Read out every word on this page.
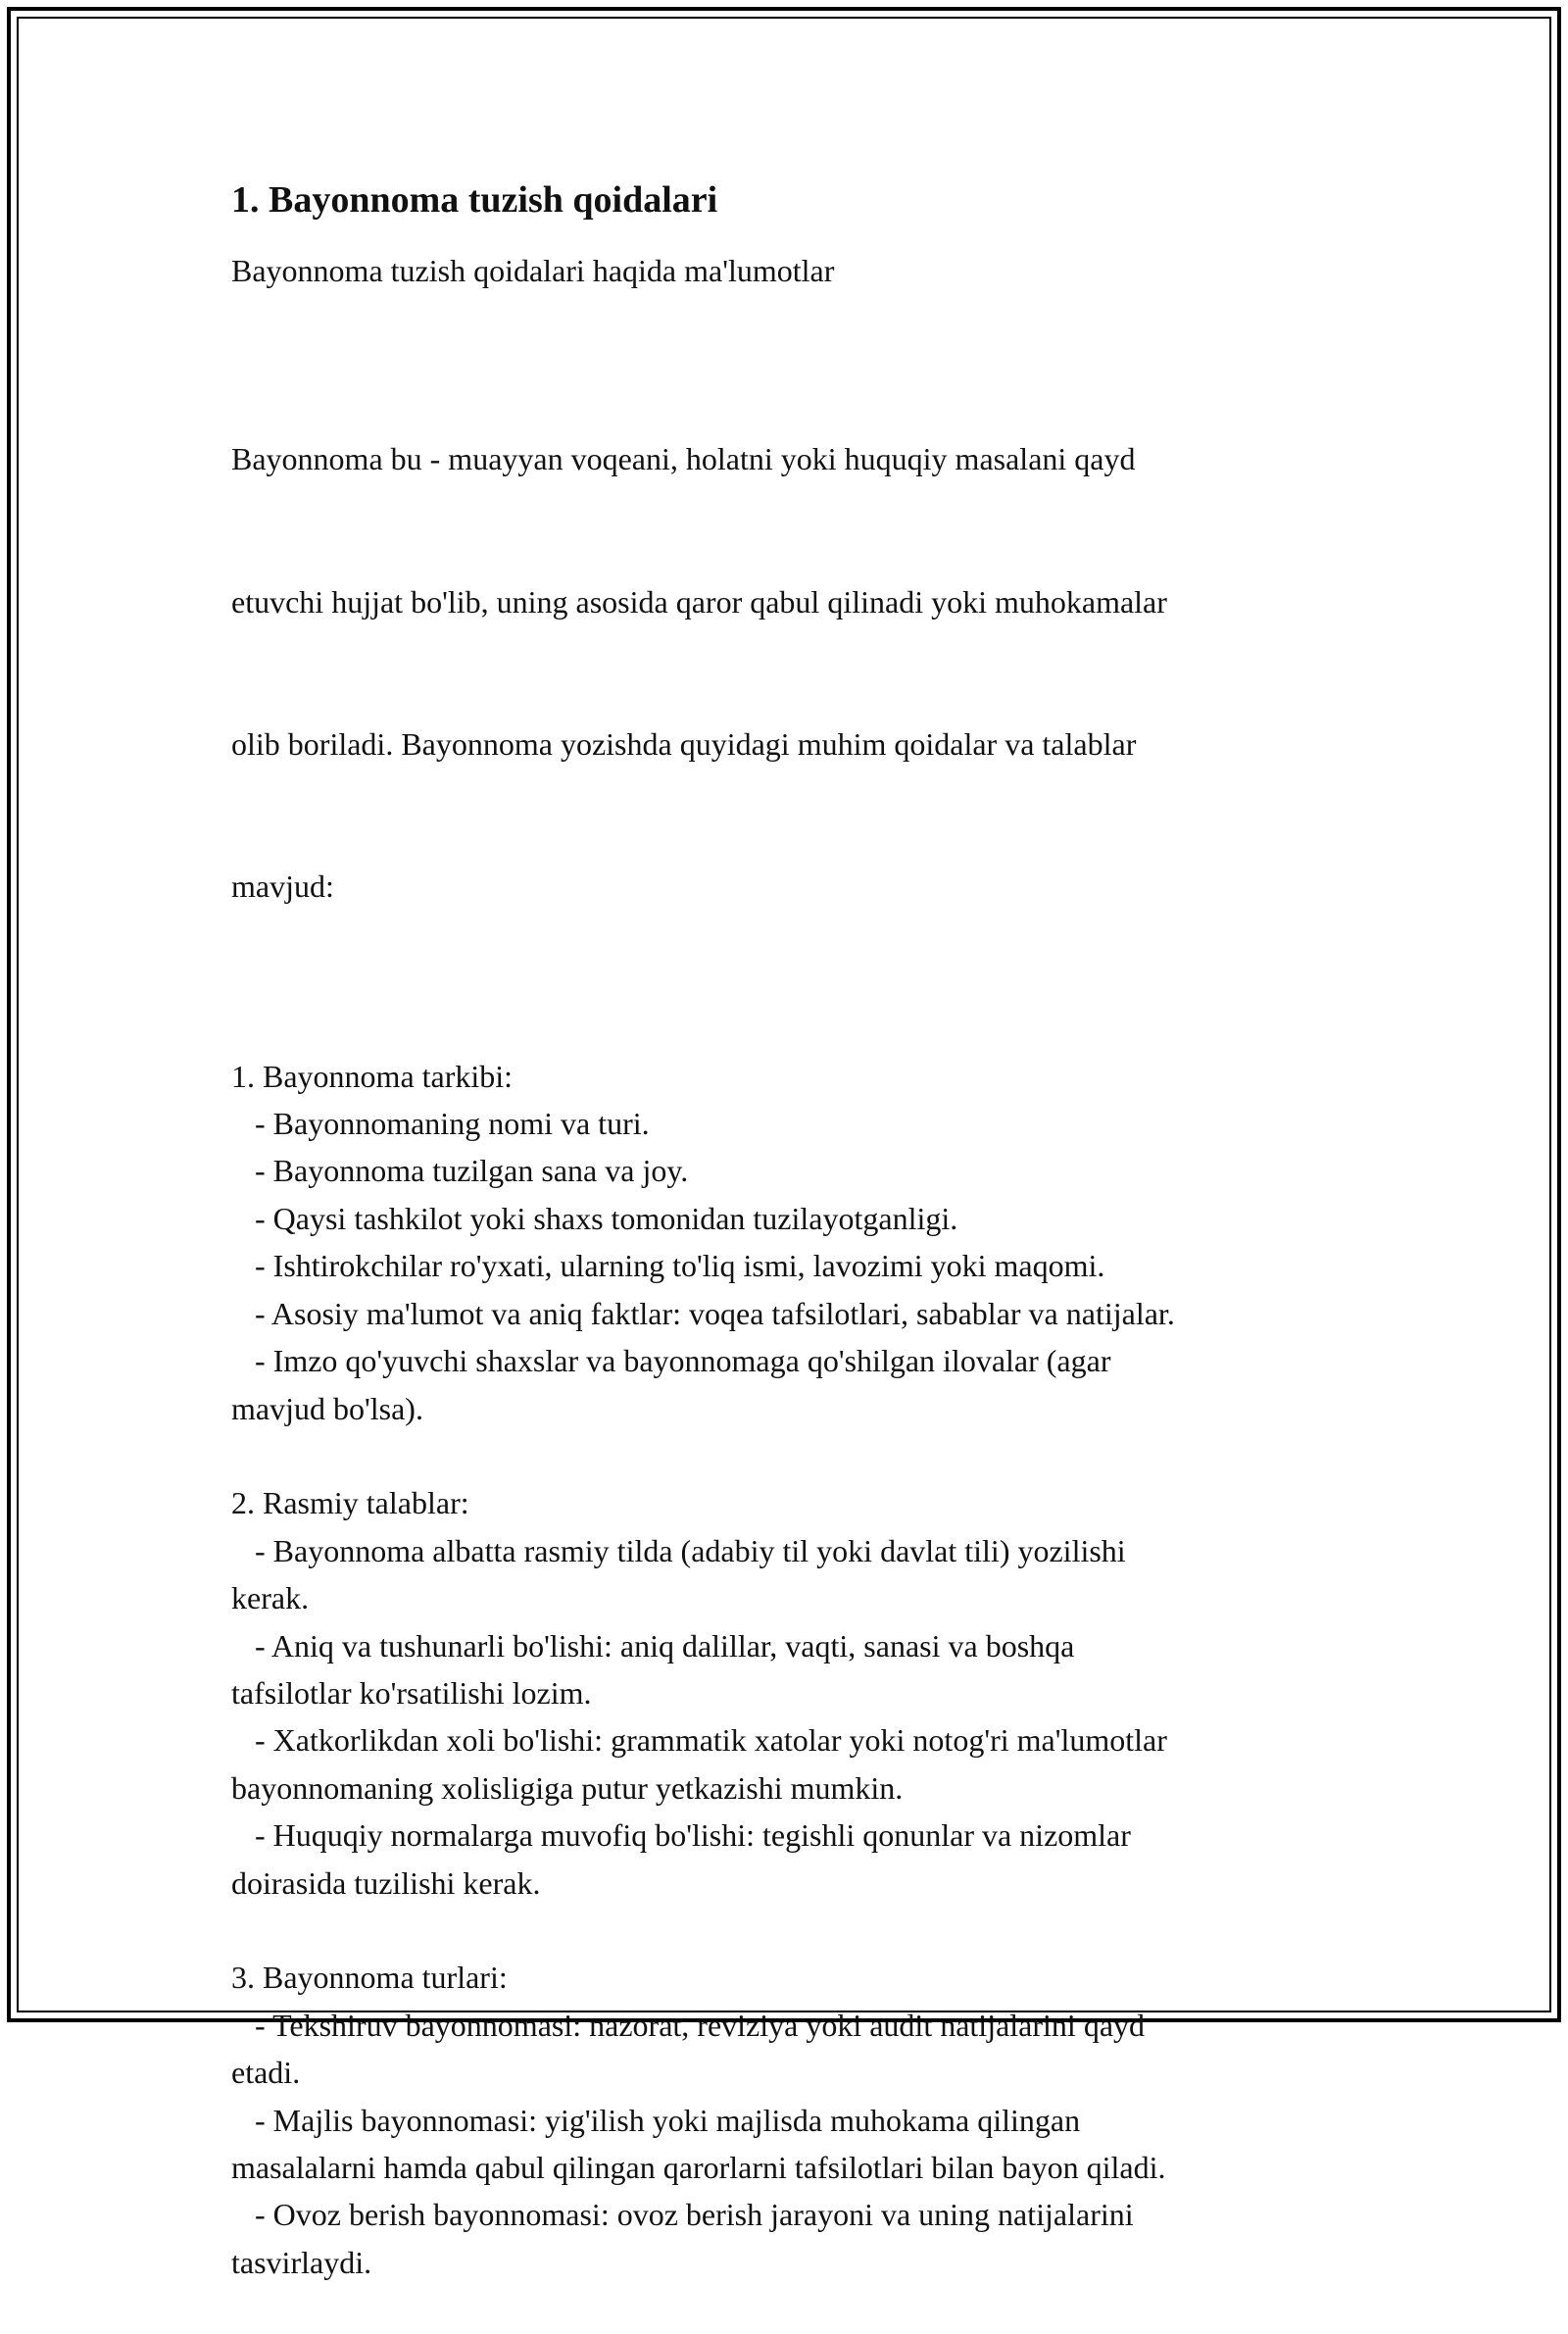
1. Bayonnoma tuzish qoidalari
Bayonnoma tuzish qoidalari haqida ma'lumotlar

Bayonnoma bu - muayyan voqeani, holatni yoki huquqiy masalani qayd

etuvchi hujjat bo'lib, uning asosida qaror qabul qilinadi yoki muhokamalar

olib boriladi. Bayonnoma yozishda quyidagi muhim qoidalar va talablar

mavjud:

1. Bayonnoma tarkibi:
- Bayonnomaning nomi va turi.
- Bayonnoma tuzilgan sana va joy.
- Qaysi tashkilot yoki shaxs tomonidan tuzilayotganligi.
- Ishtirokchilar ro'yxati, ularning to'liq ismi, lavozimi yoki maqomi.
- Asosiy ma'lumot va aniq faktlar: voqea tafsilotlari, sabablar va natijalar.
- Imzo qo'yuvchi shaxslar va bayonnomaga qo'shilgan ilovalar (agar
mavjud bo'lsa).
2. Rasmiy talablar:
- Bayonnoma albatta rasmiy tilda (adabiy til yoki davlat tili) yozilishi
kerak.
- Aniq va tushunarli bo'lishi: aniq dalillar, vaqti, sanasi va boshqa
tafsilotlar ko'rsatilishi lozim.
- Xatkorlikdan xoli bo'lishi: grammatik xatolar yoki notog'ri ma'lumotlar
bayonnomaning xolisligiga putur yetkazishi mumkin.
- Huquqiy normalarga muvofiq bo'lishi: tegishli qonunlar va nizomlar
doirasida tuzilishi kerak.
3. Bayonnoma turlari:
- Tekshiruv bayonnomasi: nazorat, reviziya yoki audit natijalarini qayd
etadi.
- Majlis bayonnomasi: yig'ilish yoki majlisda muhokama qilingan
masalalarni hamda qabul qilingan qarorlarni tafsilotlari bilan bayon qiladi.
- Ovoz berish bayonnomasi: ovoz berish jarayoni va uning natijalarini
tasvirlaydi.
